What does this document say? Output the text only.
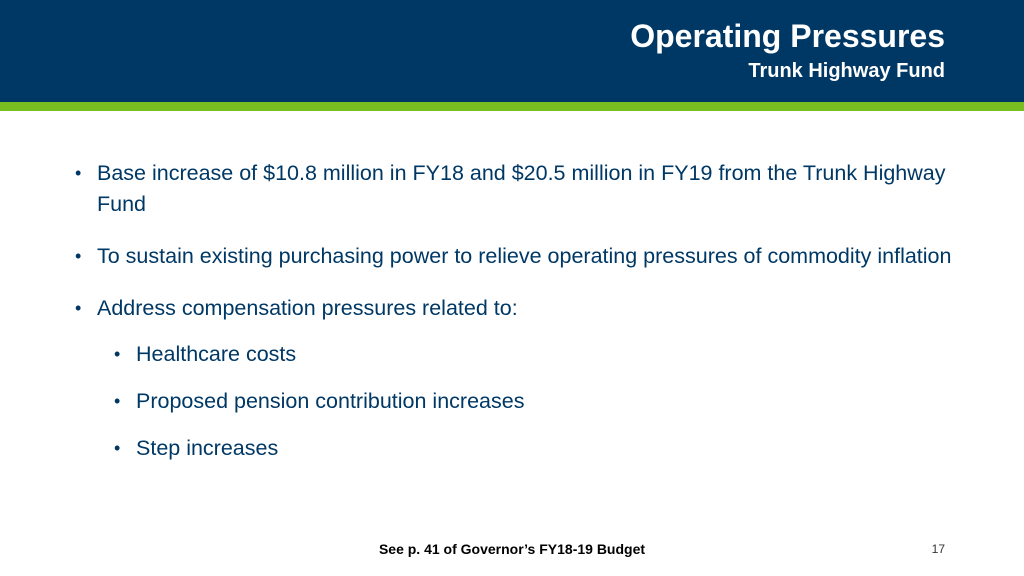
Operating Pressures
Trunk Highway Fund
• Base increase of $10.8 million in FY18 and $20.5 million in FY19 from the Trunk Highway Fund
• To sustain existing purchasing power to relieve operating pressures of commodity inflation
• Address compensation pressures related to:
• Healthcare costs
• Proposed pension contribution increases
• Step increases
See p. 41 of Governor’s FY18-19 Budget	17
